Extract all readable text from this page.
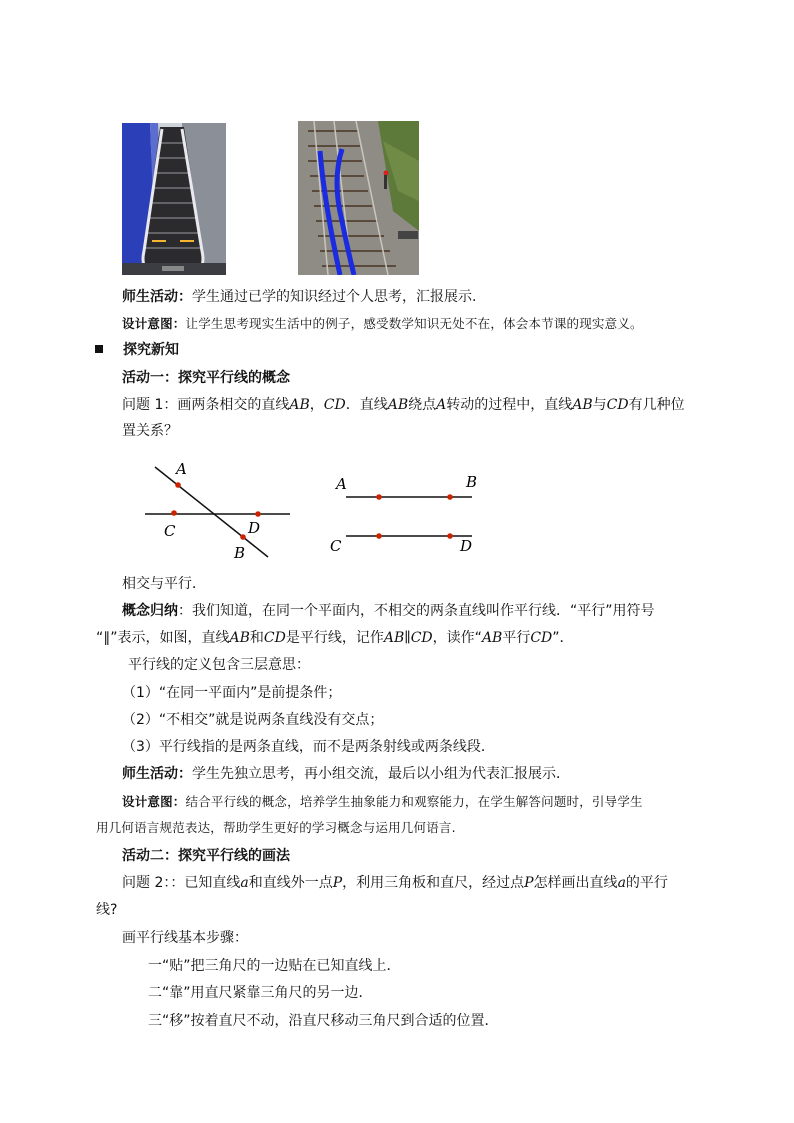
师生活动：学生通过已学的知识经过个人思考，汇报展示.
设计意图：让学生思考现实生活中的例子，感受数学知识无处不在，体会本节课的现实意义。
探究新知
活动一：探究平行线的概念
问题 1：画两条相交的直线AB，CD．直线AB绕点A转动的过程中，直线AB与CD有几种位
置关系？
A
B
C	D
A	B
C	D
相交与平行．
概念归纳：我们知道，在同一个平面内，不相交的两条直线叫作平行线．“平行”用符号
“∥”表示，如图，直线AB和CD是平行线，记作AB∥CD，读作“AB平行CD”．
平行线的定义包含三层意思：
（1）“在同一平面内”是前提条件；
（2）“不相交”就是说两条直线没有交点；
（3）平行线指的是两条直线，而不是两条射线或两条线段．
师生活动：学生先独立思考，再小组交流，最后以小组为代表汇报展示．
设计意图：结合平行线的概念，培养学生抽象能力和观察能力，在学生解答问题时，引导学生
用几何语言规范表达，帮助学生更好的学习概念与运用几何语言.
活动二：探究平行线的画法
问题 2：：已知直线a和直线外一点P，利用三角板和直尺，经过点P怎样画出直线a的平行
线?
画平行线基本步骤：
一“贴”把三角尺的一边贴在已知直线上．
二“靠”用直尺紧靠三角尺的另一边．
三“移”按着直尺不动，沿直尺移动三角尺到合适的位置．
